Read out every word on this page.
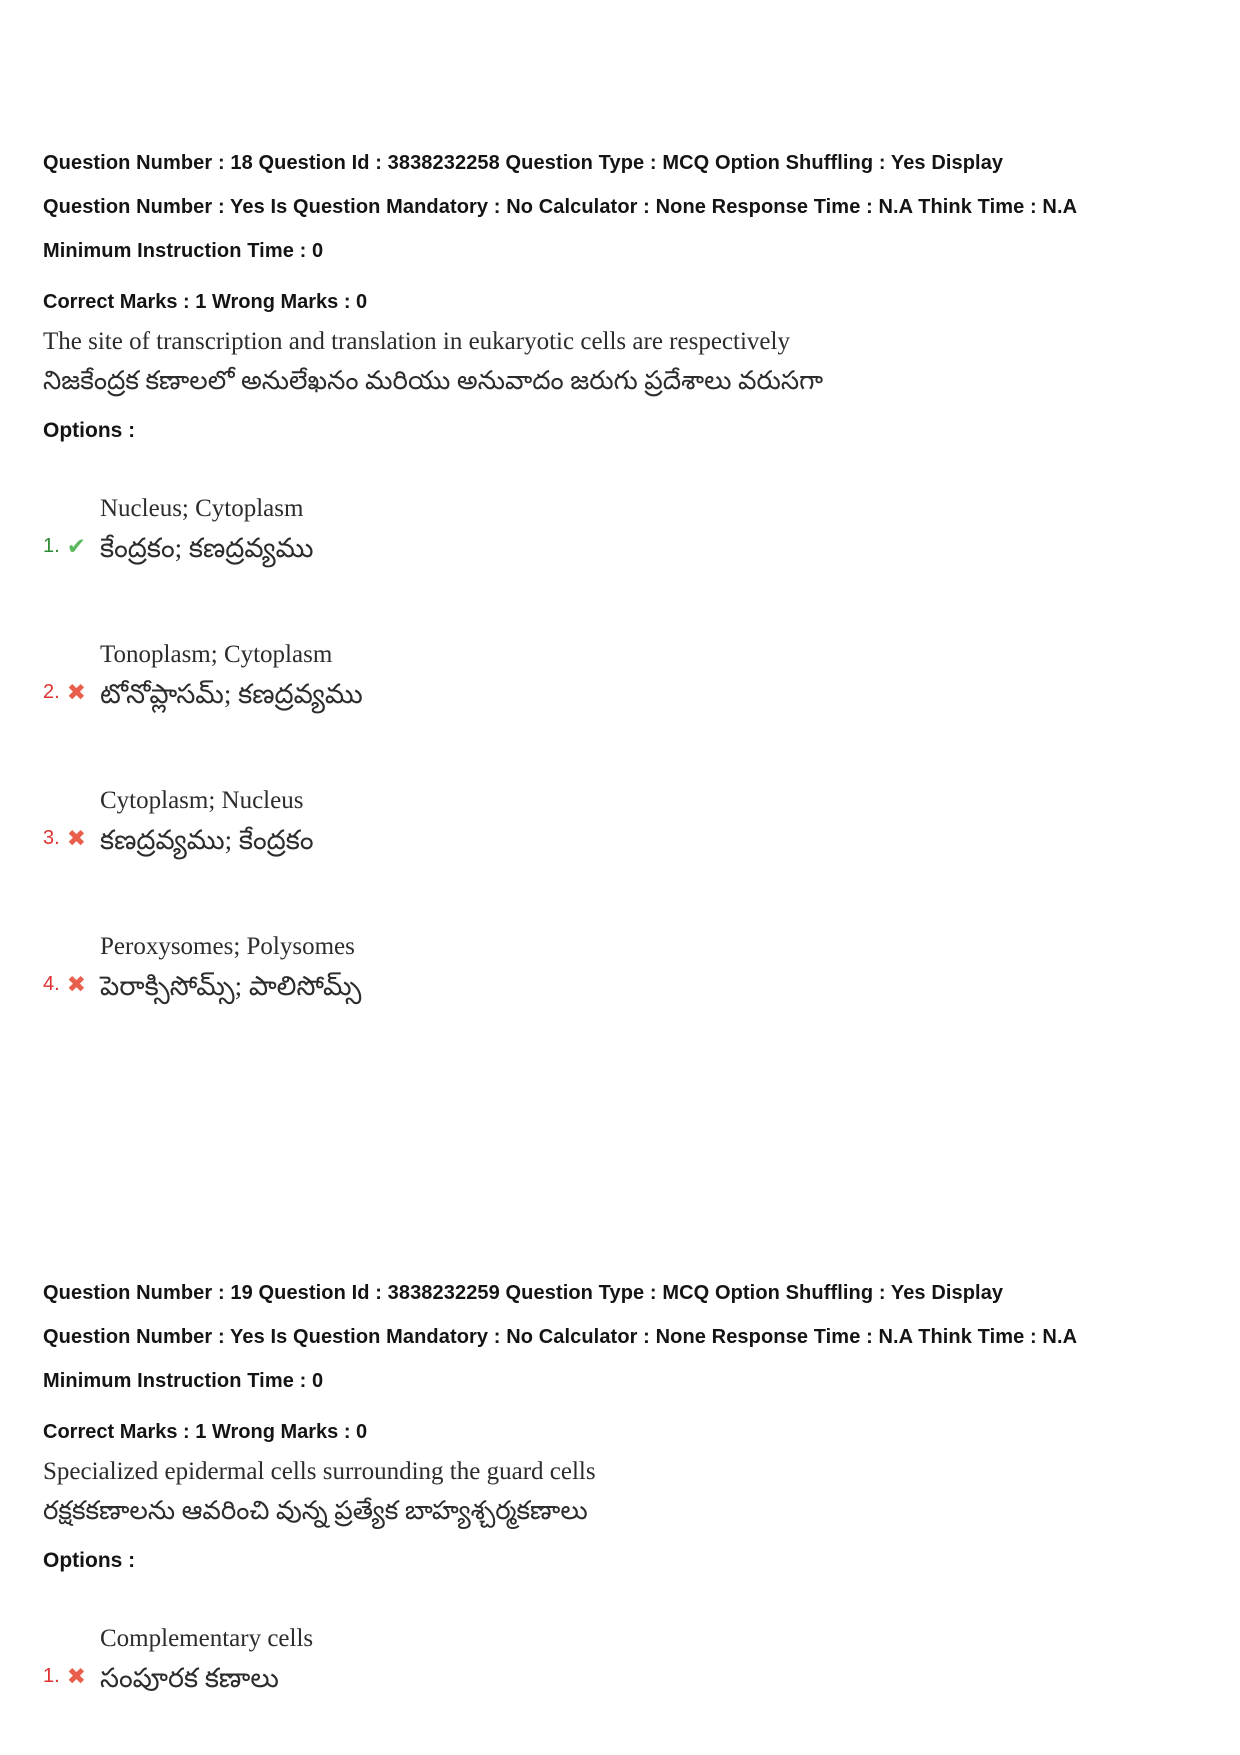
Question Number : 18 Question Id : 3838232258 Question Type : MCQ Option Shuffling : Yes Display Question Number : Yes Is Question Mandatory : No Calculator : None Response Time : N.A Think Time : N.A Minimum Instruction Time : 0
Correct Marks : 1 Wrong Marks : 0
The site of transcription and translation in eukaryotic cells are respectively
నిజకేంద్రక కణాలలో అనులేఖనం మరియు అనువాదం జరుగు ప్రదేశాలు వరుసగా
Options :
1. ✔
Nucleus; Cytoplasm
కేంద్రకం; కణద్రవ్యము
2. ✖
Tonoplasm; Cytoplasm
టోనోప్లాసమ్; కణద్రవ్యము
3. ✖
Cytoplasm; Nucleus
కణద్రవ్యము; కేంద్రకం
4. ✖
Peroxysomes; Polysomes
పెరాక్సిసోమ్స్; పాలిసోమ్స్
Question Number : 19 Question Id : 3838232259 Question Type : MCQ Option Shuffling : Yes Display Question Number : Yes Is Question Mandatory : No Calculator : None Response Time : N.A Think Time : N.A Minimum Instruction Time : 0
Correct Marks : 1 Wrong Marks : 0
Specialized epidermal cells surrounding the guard cells
రక్షకకణాలను ఆవరించి వున్న ప్రత్యేక బాహ్యశ్చర్మకణాలు
Options :
1. ✖
Complementary cells
సంపూరక కణాలు
